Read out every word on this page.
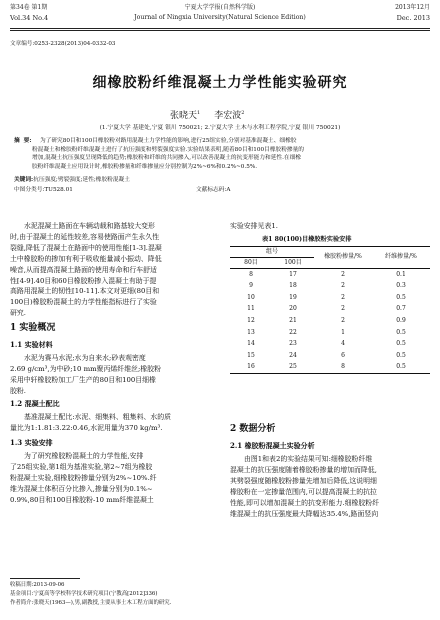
第34卷 第1期
Vol.34 No.4
宁夏大学学报(自然科学版)
Journal of Ningxia University(Natural Science Edition)
2013年12月
Dec. 2013
文章编号:0253-2328(2013)04-0332-03
细橡胶粉纤维混凝土力学性能实验研究
张晓天$^1$ 李宏波$^2$
(1.宁夏大学 基建处,宁夏 银川 750021; 2.宁夏大学 土木与水利工程学院,宁夏 银川 750021)
摘 要: 为了研究80目和100目橡胶粉对路用混凝土力学性能的影响,进行25组实验,分别对基准混凝土、细橡胶
粉混凝土和橡胶粉纤维混凝土进行了抗压强度和劈裂强度实验.实验结果表明,随着80目和100目橡胶粉掺量的
增加,混凝土抗压强度呈现降低的趋势;橡胶粉和纤维的共同掺入,可以改善混凝土的抗变形能力和延性.在细橡
胶粉纤维混凝土应用设计时,橡胶粉掺量和纤维掺量应分别控制为2%~6%和0.2%~0.5%.
关键词:抗压强度;劈裂强度;延性;橡胶粉混凝土
中图分类号:TU528.01	文献标志码:A
水泥混凝土路面在车辆动载和路基较大变形
时,由于混凝土的延性较差,容易使路面产生永久性
裂缝,降低了混凝土在路面中的使用性能[1-3].混凝
土中橡胶粉的掺加有利于吸收能量减小振动、降低
噪音,从而提高混凝土路面的使用寿命和行车舒适
性[4-9].40目和60目橡胶粉掺入混凝土有助于提
高路用混凝土的韧性[10-11].本文对更细(80目和
100目)橡胶粉混凝土的力学性能指标进行了实验
研究.
1 实验概况
1.1 实验材料
水泥为赛马水泥;水为自来水;砂表观密度
2.69 g/cm³,为中砂;10 mm聚丙烯纤维丝;橡胶粉
采用中轩橡胶粉加工厂生产的80目和100目细橡
胶粉.
1.2 混凝土配比
基准混凝土配比:水泥、细集料、粗集料、水的质
量比为1:1.81:3.22:0.46,水泥用量为370 kg/m³.
1.3 实验安排
为了研究橡胶粉混凝土的力学性能,安排
了25组实验,第1组为基准实验,第2~7组为橡胶
粉混凝土实验,细橡胶粉掺量分别为2%~10%.纤
维为混凝土体积百分比掺入,掺量分别为0.1%~
0.9%,80目和100目橡胶粉-10 mm纤维混凝土
实验安排见表1.
表1 80(100)目橡胶粉实验安排
组号		橡胶粉掺量/%	纤维掺量/%
80目	100目		
8	17	2	0.1
9	18	2	0.3
10	19	2	0.5
11	20	2	0.7
12	21	2	0.9
13	22	1	0.5
14	23	4	0.5
15	24	6	0.5
16	25	8	0.5
2 数据分析
2.1 橡胶粉混凝土实验分析
由图1和表2的实验结果可知:细橡胶粉纤维
混凝土的抗压强度随着橡胶粉掺量的增加而降低,
其劈裂强度随橡胶粉掺量先增加后降低,这说明细
橡胶粉在一定掺量范围内,可以提高混凝土的抗拉
性能,即可以增加混凝土的抗变形能力.细橡胶粉纤
维混凝土的抗压强度最大降幅达35.4%,路面竖向
收稿日期:2013-09-06
基金项目:宁夏高等学校科学技术研究项目(宁教高[2012]336)
作者简介:张晓天(1963—),男,副教授,主要从事土木工程方面的研究.
